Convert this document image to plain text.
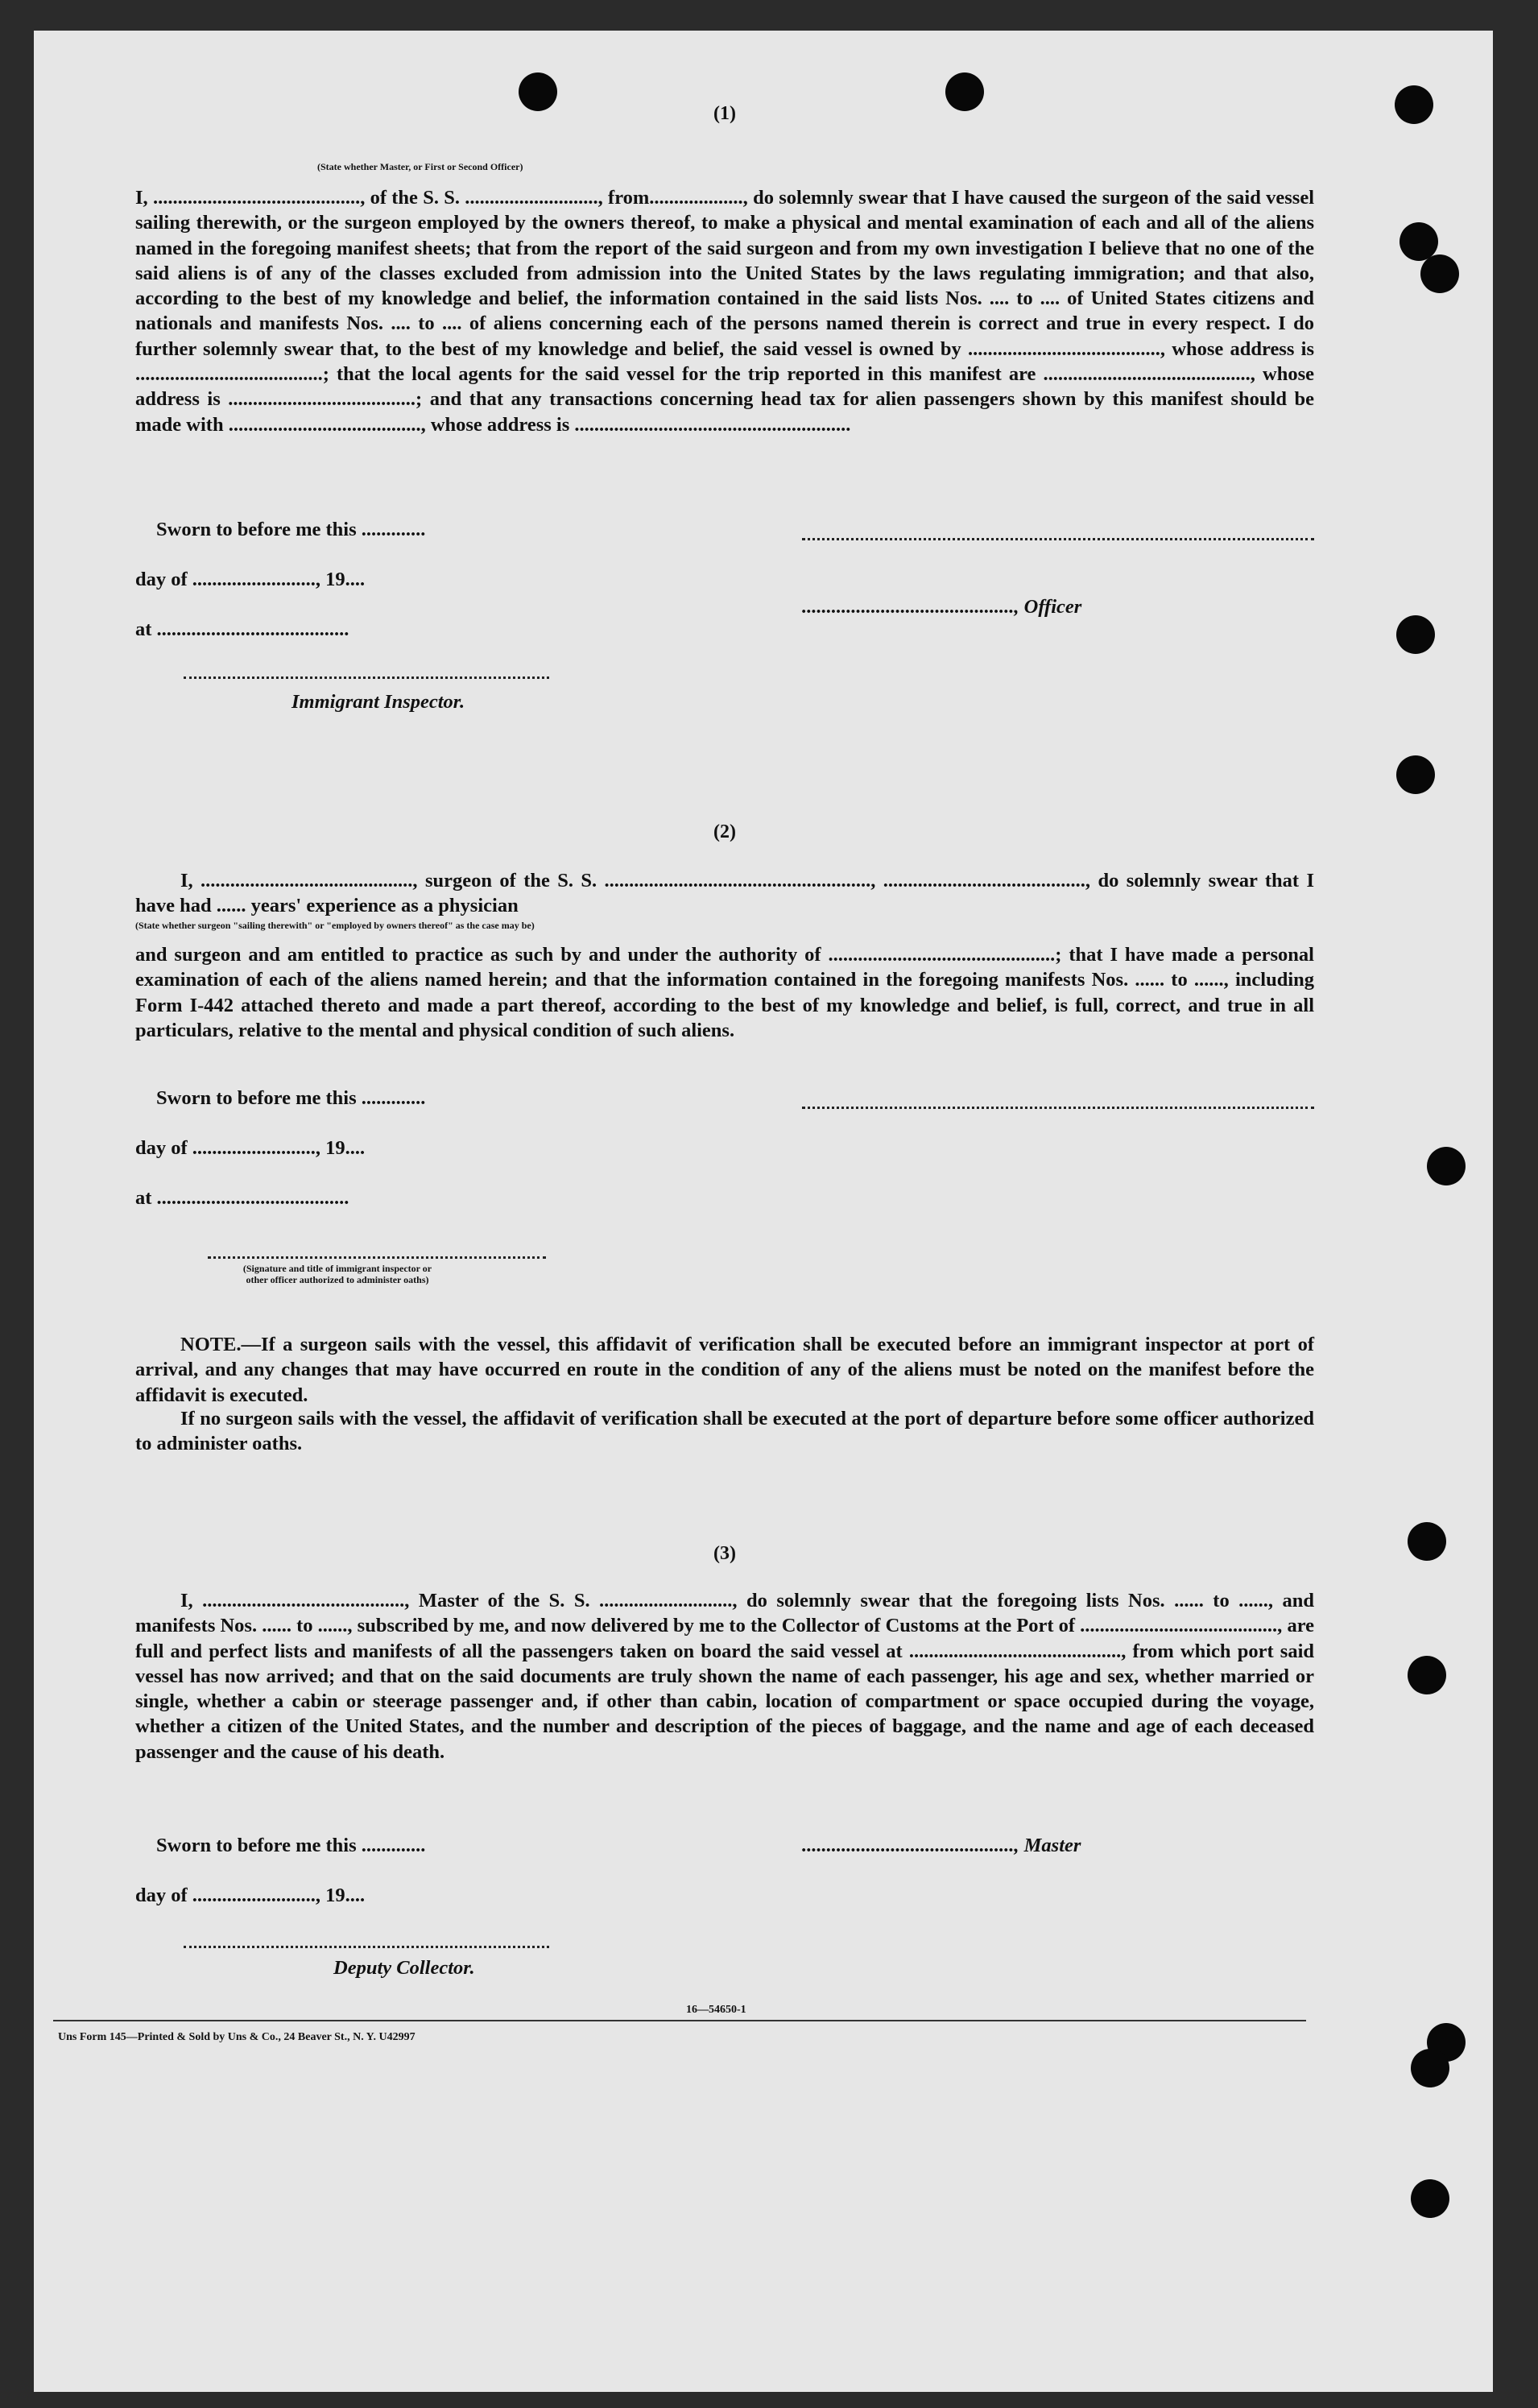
(1)
(State whether Master, or First or Second Officer)

I, .........................................., of the S. S. ..........................., from..................., do solemnly swear that I have caused the surgeon of the said vessel sailing therewith, or the surgeon employed by the owners thereof, to make a physical and mental examination of each and all of the aliens named in the foregoing manifest sheets; that from the report of the said surgeon and from my own investigation I believe that no one of the said aliens is of any of the classes excluded from admission into the United States by the laws regulating immigration; and that also, according to the best of my knowledge and belief, the information contained in the said lists Nos. .... to .... of United States citizens and nationals and manifests Nos. .... to .... of aliens concerning each of the persons named therein is correct and true in every respect. I do further solemnly swear that, to the best of my knowledge and belief, the said vessel is owned by ......................................., whose address is ......................................; that the local agents for the said vessel for the trip reported in this manifest are .........................................., whose address is ......................................; and that any transactions concerning head tax for alien passengers shown by this manifest should be made with ......................................., whose address is ........................................................

Sworn to before me this .............
day of ........................., 19....
at .......................................
..........................................., Officer
Immigrant Inspector.
(2)

I, ..........................................., surgeon of the S. S. ......................................................, ........................................., do solemnly swear that I have had ...... years' experience as a physician

(State whether surgeon "sailing therewith" or "employed by owners thereof" as the case may be)

and surgeon and am entitled to practice as such by and under the authority of ..............................................; that I have made a personal examination of each of the aliens named herein; and that the information contained in the foregoing manifests Nos. ...... to ......, including Form I-442 attached thereto and made a part thereof, according to the best of my knowledge and belief, is full, correct, and true in all particulars, relative to the mental and physical condition of such aliens.

Sworn to before me this .............
day of ........................., 19....
at .......................................
(Signature and title of immigrant inspector or other officer authorized to administer oaths)

NOTE.—If a surgeon sails with the vessel, this affidavit of verification shall be executed before an immigrant inspector at port of arrival, and any changes that may have occurred en route in the condition of any of the aliens must be noted on the manifest before the affidavit is executed.

If no surgeon sails with the vessel, the affidavit of verification shall be executed at the port of departure before some officer authorized to administer oaths.

(3)

I, ........................................., Master of the S. S. ..........................., do solemnly swear that the foregoing lists Nos. ...... to ......, and manifests Nos. ...... to ......, subscribed by me, and now delivered by me to the Collector of Customs at the Port of ........................................, are full and perfect lists and manifests of all the passengers taken on board the said vessel at ..........................................., from which port said vessel has now arrived; and that on the said documents are truly shown the name of each passenger, his age and sex, whether married or single, whether a cabin or steerage passenger and, if other than cabin, location of compartment or space occupied during the voyage, whether a citizen of the United States, and the number and description of the pieces of baggage, and the name and age of each deceased passenger and the cause of his death.

Sworn to before me this .............
day of ........................., 19....
..........................................., Master
Deputy Collector.
16—54650-1
Uns Form 145—Printed & Sold by Uns & Co., 24 Beaver St., N. Y. U42997
